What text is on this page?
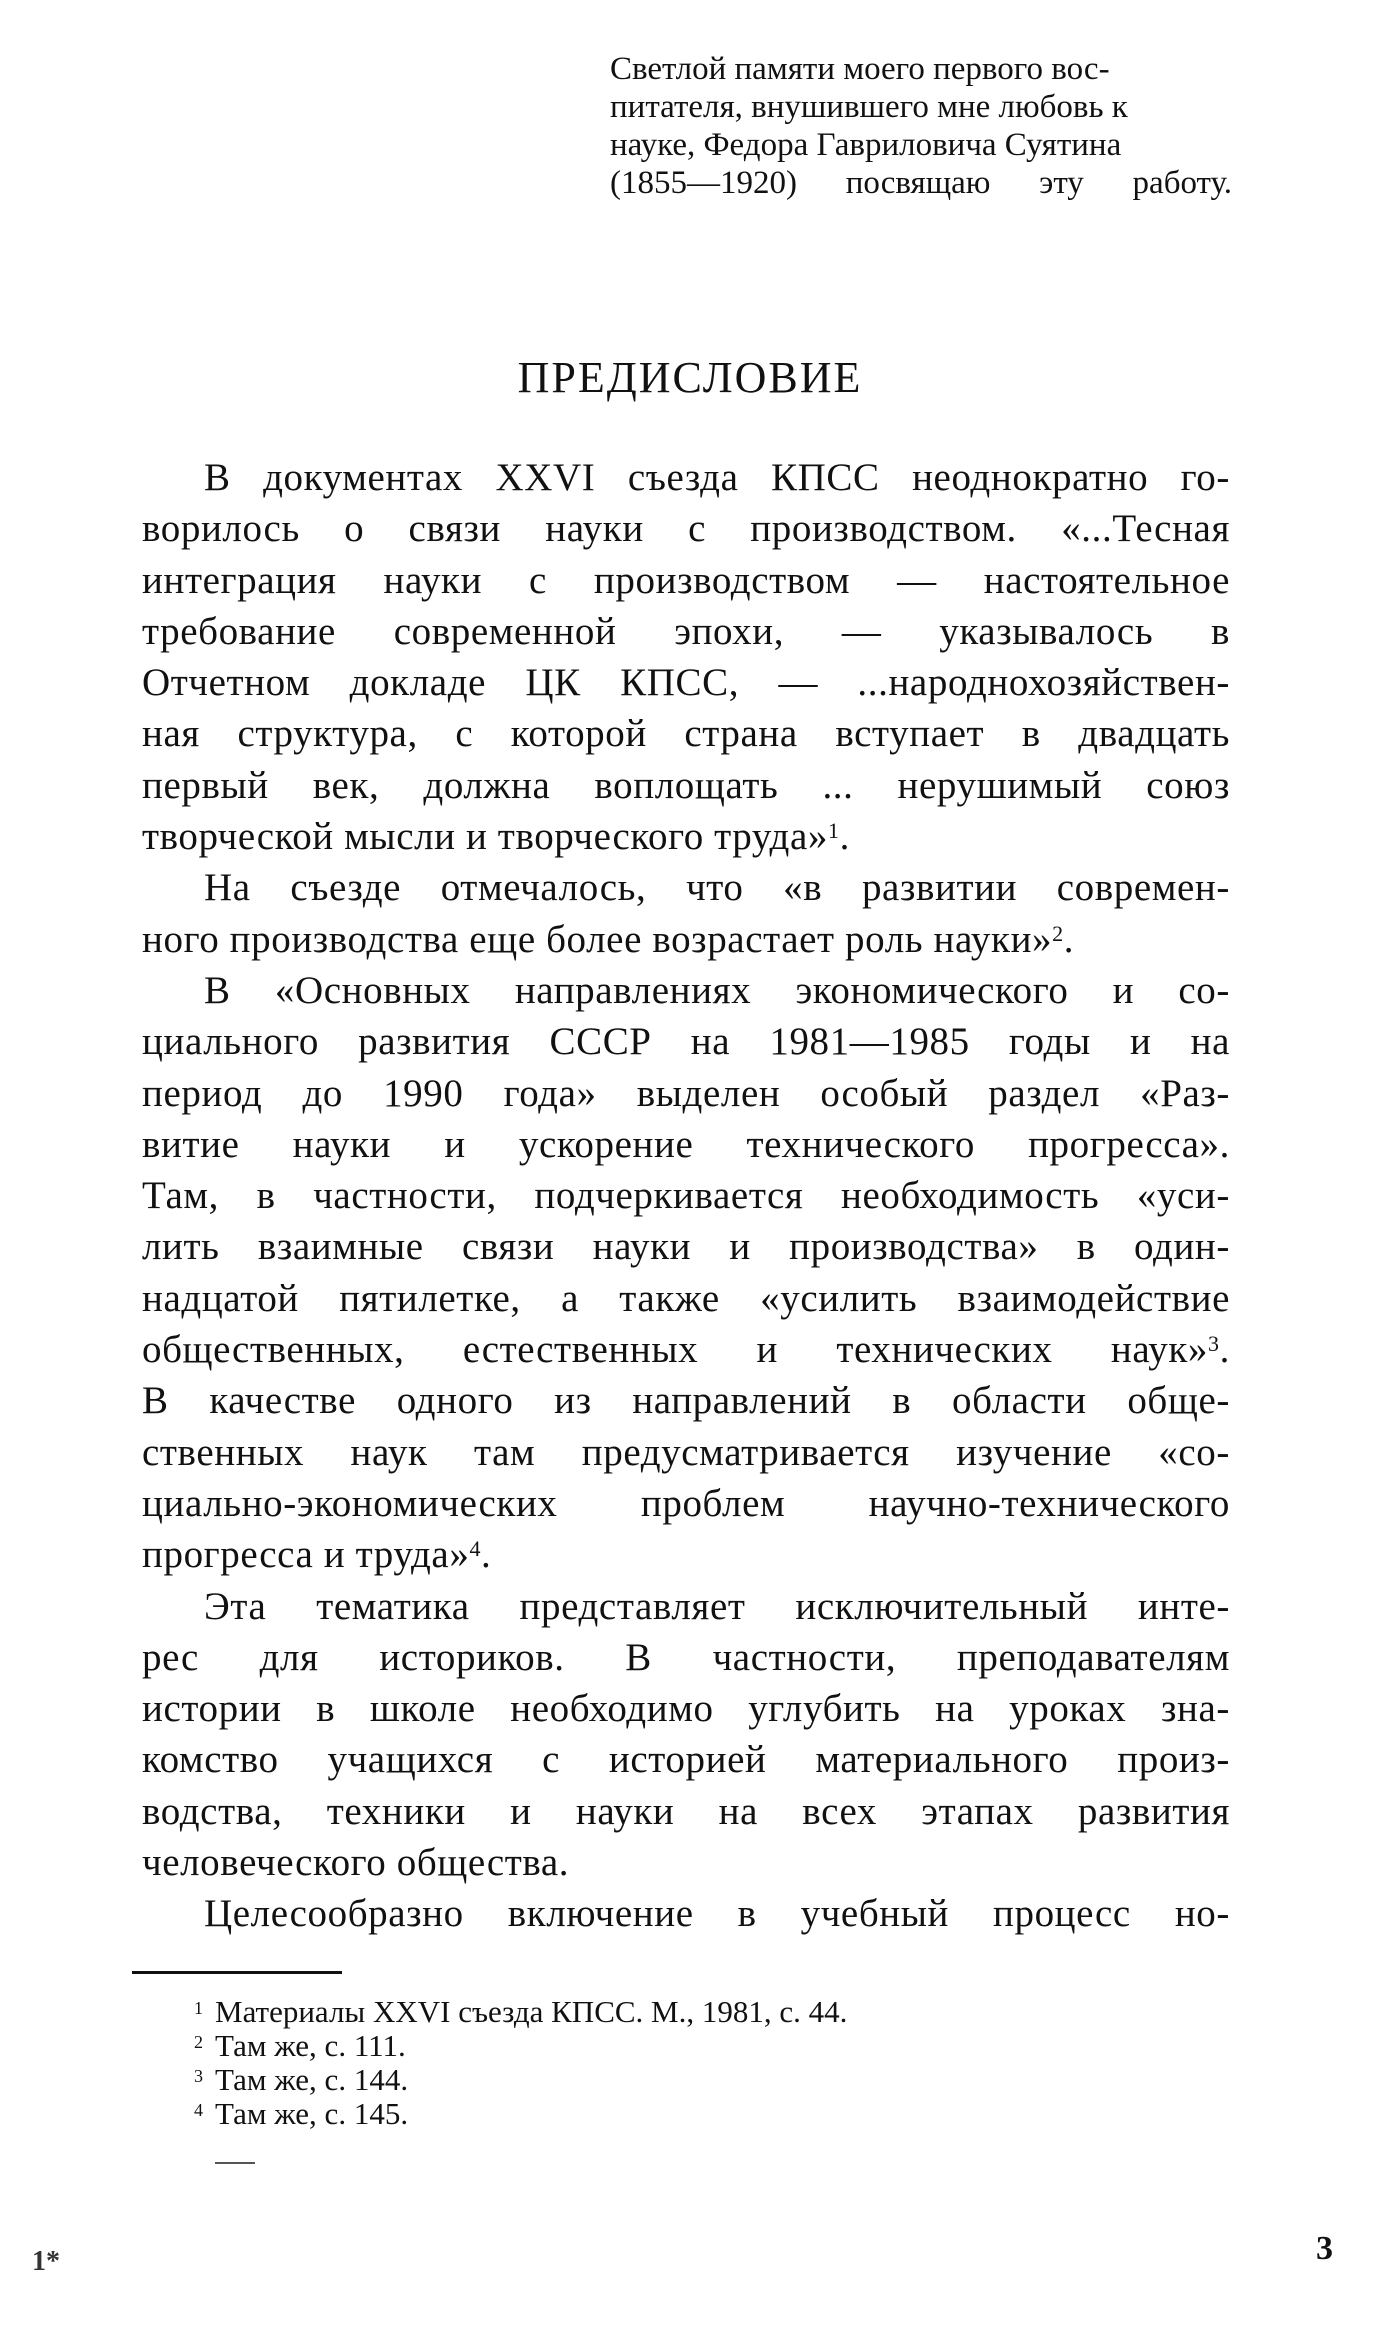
Светлой памяти моего первого вос-
питателя, внушившего мне любовь к
науке, Федора Гавриловича Суятина
(1855—1920) посвящаю эту работу.
ПРЕДИСЛОВИЕ

В документах XXVI съезда КПСС неоднократно го-
ворилось о связи науки с производством. «...Тесная
интеграция науки с производством — настоятельное
требование современной эпохи, — указывалось в
Отчетном докладе ЦК КПСС, — ...народнохозяйствен-
ная структура, с которой страна вступает в двадцать
первый век, должна воплощать ... нерушимый союз
творческой мысли и творческого труда»$^1$.

На съезде отмечалось, что «в развитии современ-
ного производства еще более возрастает роль науки»$^2$.

В «Основных направлениях экономического и со-
циального развития СССР на 1981—1985 годы и на
период до 1990 года» выделен особый раздел «Раз-
витие науки и ускорение технического прогресса».
Там, в частности, подчеркивается необходимость «уси-
лить взаимные связи науки и производства» в один-
надцатой пятилетке, а также «усилить взаимодействие
общественных, естественных и технических наук»$^3$.
В качестве одного из направлений в области обще-
ственных наук там предусматривается изучение «со-
циально-экономических проблем научно-технического
прогресса и труда»$^4$.

Эта тематика представляет исключительный инте-
рес для историков. В частности, преподавателям
истории в школе необходимо углубить на уроках зна-
комство учащихся с историей материального произ-
водства, техники и науки на всех этапах развития
человеческого общества.

Целесообразно включение в учебный процесс но-

$^1$ Материалы XXVI съезда КПСС. М., 1981, с. 44.
$^2$ Там же, с. 111.
$^3$ Там же, с. 144.
$^4$ Там же, с. 145.
3
1*
